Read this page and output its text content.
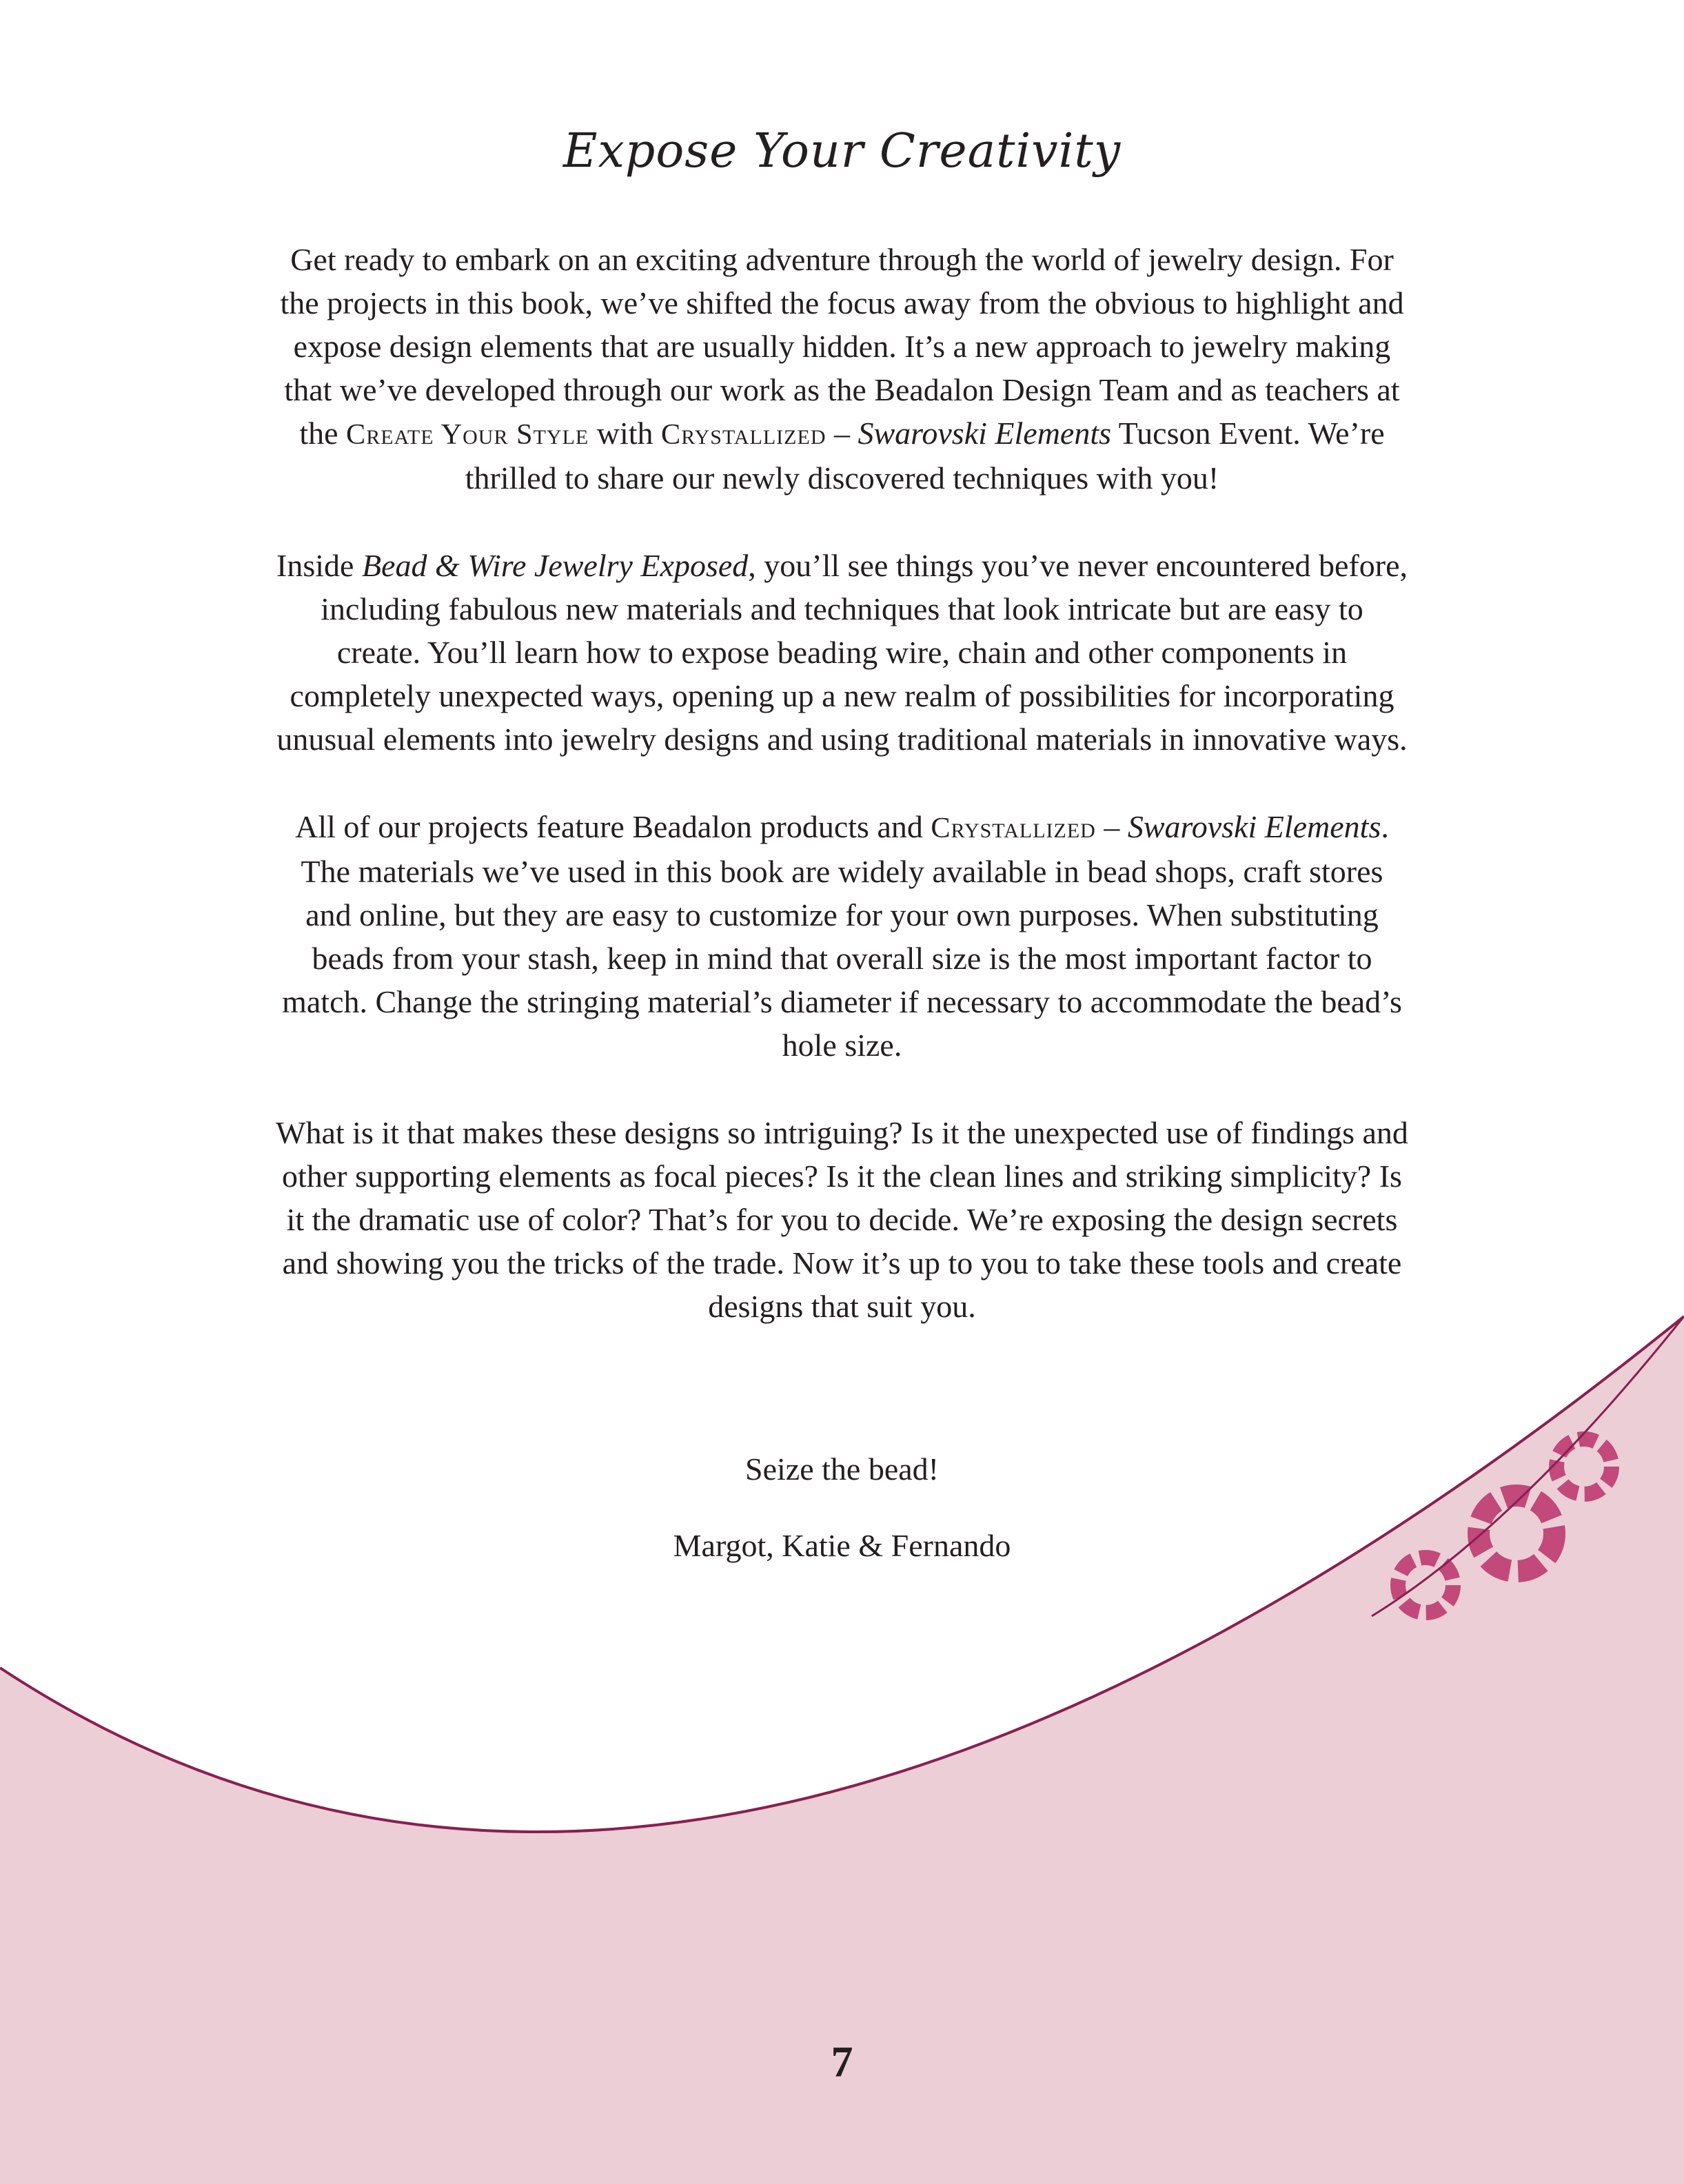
Expose Your Creativity

Get ready to embark on an exciting adventure through the world of jewelry design. For the projects in this book, we’ve shifted the focus away from the obvious to highlight and expose design elements that are usually hidden. It’s a new approach to jewelry making that we’ve developed through our work as the Beadalon Design Team and as teachers at the Create Your Style with Crystallized – Swarovski Elements Tucson Event. We’re thrilled to share our newly discovered techniques with you!

Inside Bead & Wire Jewelry Exposed, you’ll see things you’ve never encountered before, including fabulous new materials and techniques that look intricate but are easy to create. You’ll learn how to expose beading wire, chain and other components in completely unexpected ways, opening up a new realm of possibilities for incorporating unusual elements into jewelry designs and using traditional materials in innovative ways.

All of our projects feature Beadalon products and Crystallized – Swarovski Elements. The materials we’ve used in this book are widely available in bead shops, craft stores and online, but they are easy to customize for your own purposes. When substituting beads from your stash, keep in mind that overall size is the most important factor to match. Change the stringing material’s diameter if necessary to accommodate the bead’s hole size.

What is it that makes these designs so intriguing? Is it the unexpected use of findings and other supporting elements as focal pieces? Is it the clean lines and striking simplicity? Is it the dramatic use of color? That’s for you to decide. We’re exposing the design secrets and showing you the tricks of the trade. Now it’s up to you to take these tools and create designs that suit you.

Seize the bead!
Margot, Katie & Fernando
7
